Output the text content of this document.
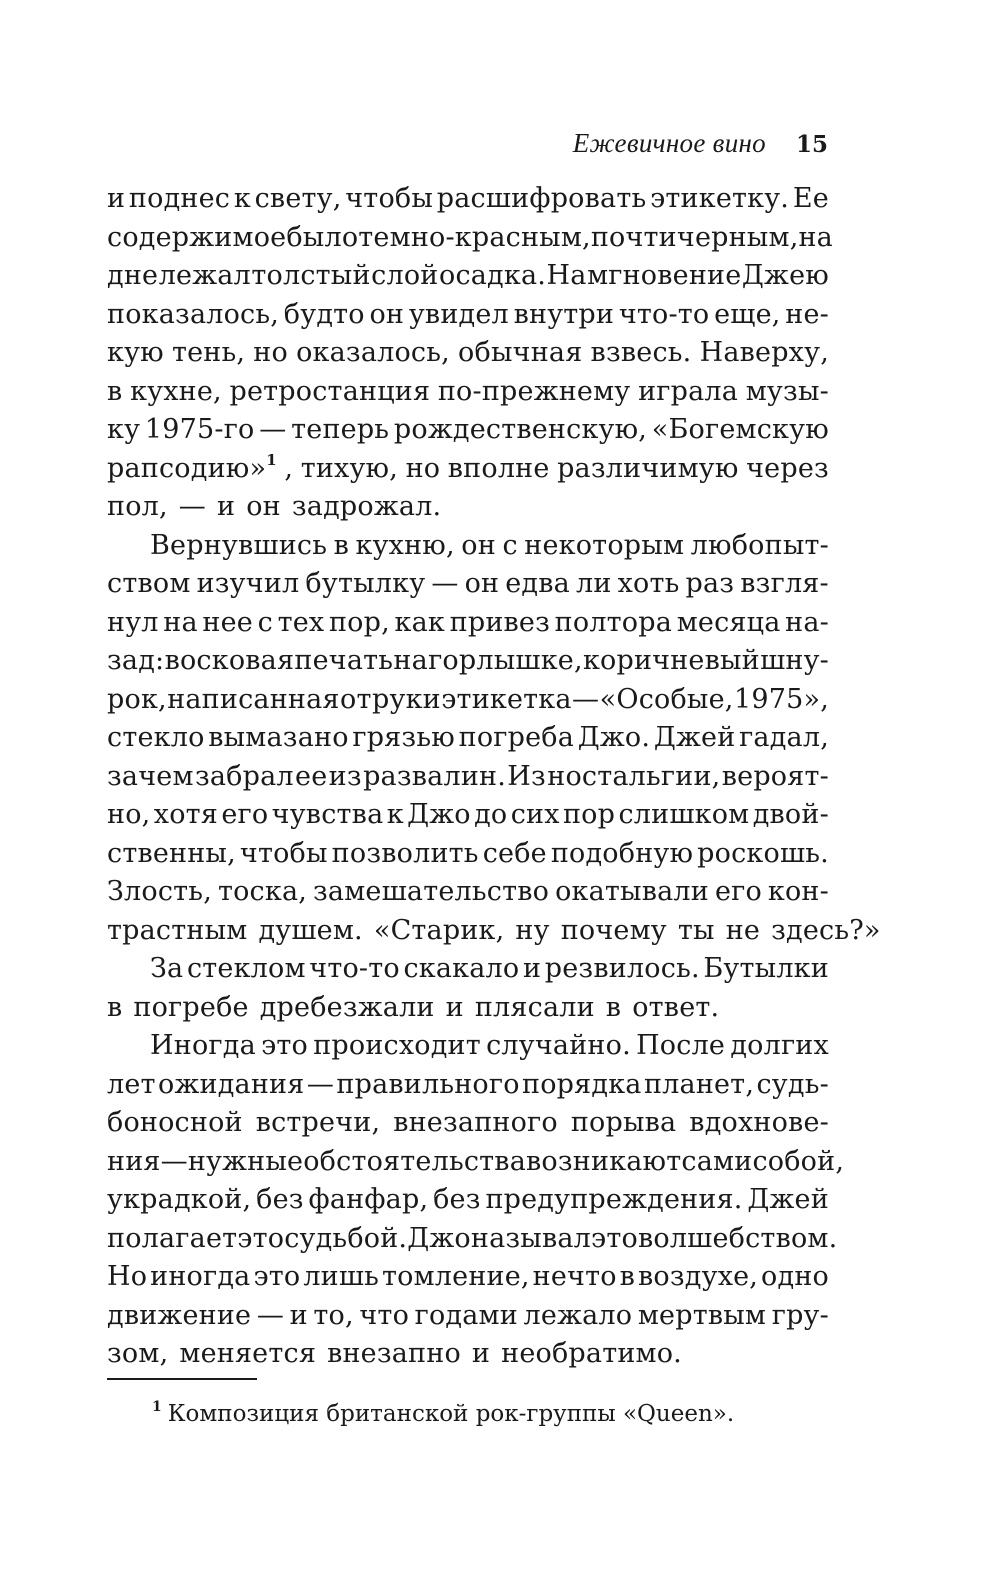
Ежевичное вино 15
и поднес к свету, чтобы расшифровать этикетку. Ее
содержимое было темно-красным, почти черным, на
дне лежал толстый слой осадка. На мгновение Джею
показалось, будто он увидел внутри что-то еще, не-
кую тень, но оказалось, обычная взвесь. Наверху,
в кухне, ретростанция по-прежнему играла музы-
ку 1975-го — теперь рождественскую, «Богемскую
рапсодию»$^1$ , тихую, но вполне различимую через
пол, — и он задрожал.
Вернувшись в кухню, он с некоторым любопыт-
ством изучил бутылку — он едва ли хоть раз взгля-
нул на нее с тех пор, как привез полтора месяца на-
зад: восковая печать на горлышке, коричневый шну-
рок, написанная от руки этикетка — «Особые, 1975»,
стекло вымазано грязью погреба Джо. Джей гадал,
зачем забрал ее из развалин. Из ностальгии, вероят-
но, хотя его чувства к Джо до сих пор слишком двой-
ственны, чтобы позволить себе подобную роскошь.
Злость, тоска, замешательство окатывали его кон-
трастным душем. «Старик, ну почему ты не здесь?»
За стеклом что-то скакало и резвилось. Бутылки
в погребе дребезжали и плясали в ответ.
Иногда это происходит случайно. После долгих
лет ожидания — правильного порядка планет, судь-
боносной встречи, внезапного порыва вдохнове-
ния — нужные обстоятельства возникают сами собой,
украдкой, без фанфар, без предупреждения. Джей
полагает это судьбой. Джо называл это волшебством.
Но иногда это лишь томление, нечто в воздухе, одно
движение — и то, что годами лежало мертвым гру-
зом, меняется внезапно и необратимо.
$^1$ Композиция британской рок-группы «Queen».
